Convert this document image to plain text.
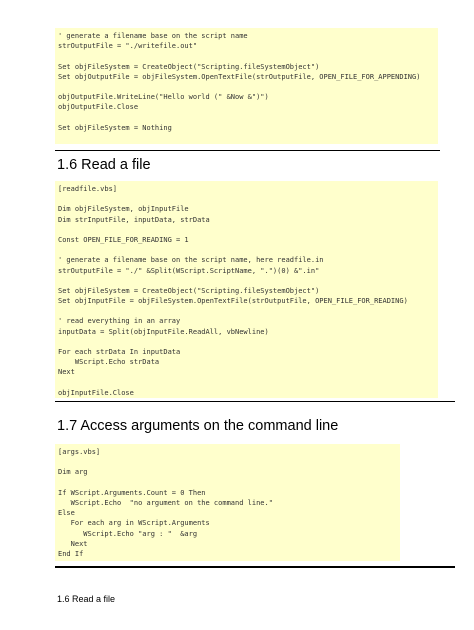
' generate a filename base on the script name
strOutputFile = "./writefile.out"
Set objFileSystem = CreateObject("Scripting.fileSystemObject")
Set objOutputFile = objFileSystem.OpenTextFile(strOutputFile, OPEN_FILE_FOR_APPENDING)
objOutputFile.WriteLine("Hello world (" &Now &")")
objOutputFile.Close
Set objFileSystem = Nothing
1.6 Read a file
[readfile.vbs]
Dim objFileSystem, objInputFile
Dim strInputFile, inputData, strData
Const OPEN_FILE_FOR_READING = 1
' generate a filename base on the script name, here readfile.in
strOutputFile = "./" &Split(WScript.ScriptName, ".")(0) &".in"
Set objFileSystem = CreateObject("Scripting.fileSystemObject")
Set objInputFile = objFileSystem.OpenTextFile(strOutputFile, OPEN_FILE_FOR_READING)
' read everything in an array
inputData = Split(objInputFile.ReadAll, vbNewline)
For each strData In inputData
WScript.Echo strData
Next
objInputFile.Close
1.7 Access arguments on the command line
[args.vbs]
Dim arg
If WScript.Arguments.Count = 0 Then
WScript.Echo  "no argument on the command line."
Else
For each arg in WScript.Arguments
WScript.Echo "arg : "  &arg
Next
End If
1.6 Read a file
